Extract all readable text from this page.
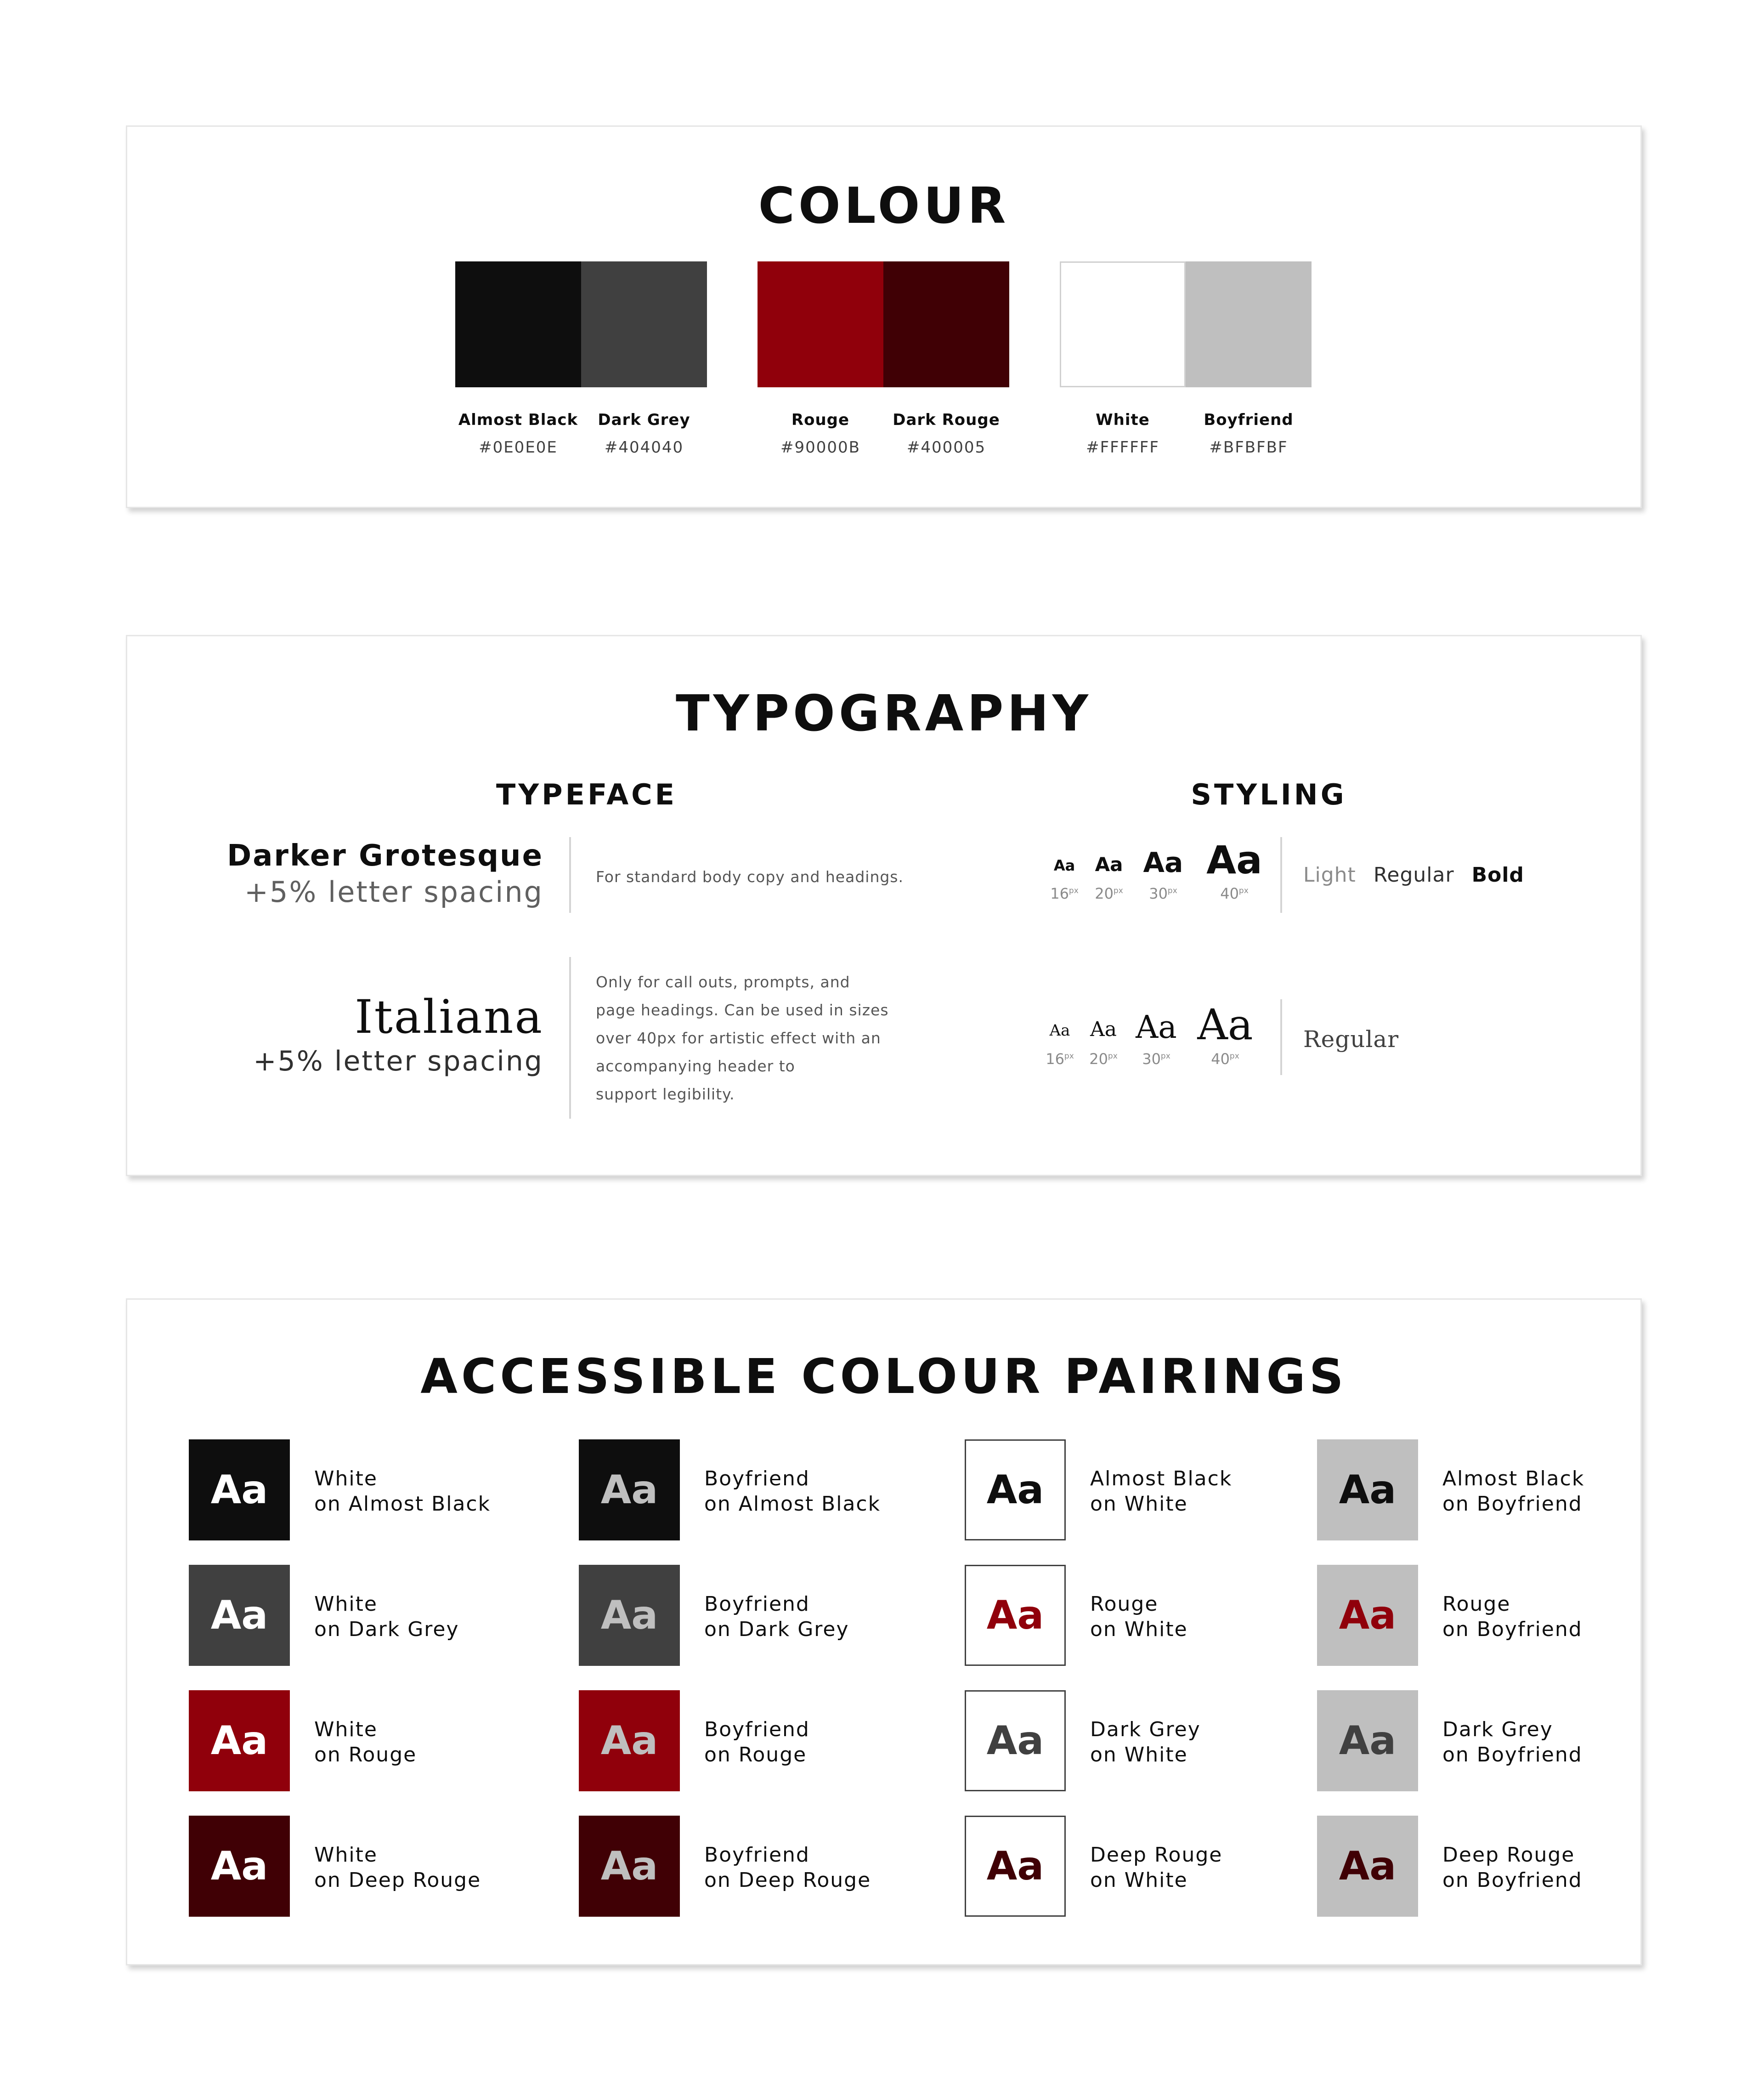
COLOUR
Almost Black	Dark Grey	Rouge	Dark Rouge	White	Boyfriend
#0E0E0E	#404040	#90000B	#400005	#FFFFFF	#BFBFBF
TYPOGRAPHY
TYPEFACE	STYLING
Darker Grotesque
+5% letter spacing	For standard body copy and headings.
Aa	Aa Aa Aa
$16^{px}$	$20^{px}$	$30^{px}$	$40^{px}$
Light Regular Bold
Italiana
+5% letter spacing
Only for call outs, prompts, and
page headings. Can be used in sizes
over 40px for artistic effect with an
accompanying header to
support legibility.
Aa Aa Aa Aa
$16^{px}$	$20^{px}$	$30^{px}$	$40^{px}$
Regular
ACCESSIBLE COLOUR PAIRINGS
Aa	White
on Almost Black
Aa	White
on Dark Grey
Aa	White
on Rouge
Aa	White
on Deep Rouge
Aa	Boyfriend
on Almost Black
Aa	Boyfriend
on Dark Grey
Aa	Boyfriend
on Rouge
Aa	Boyfriend
on Deep Rouge
Aa	Almost Black
on White
Aa	Rouge
on White
Aa	Dark Grey
on White
Aa	Deep Rouge
on White
Aa	Almost Black
on Boyfriend
Aa	Rouge
on Boyfriend
Aa	Dark Grey
on Boyfriend
Aa	Deep Rouge
on Boyfriend
